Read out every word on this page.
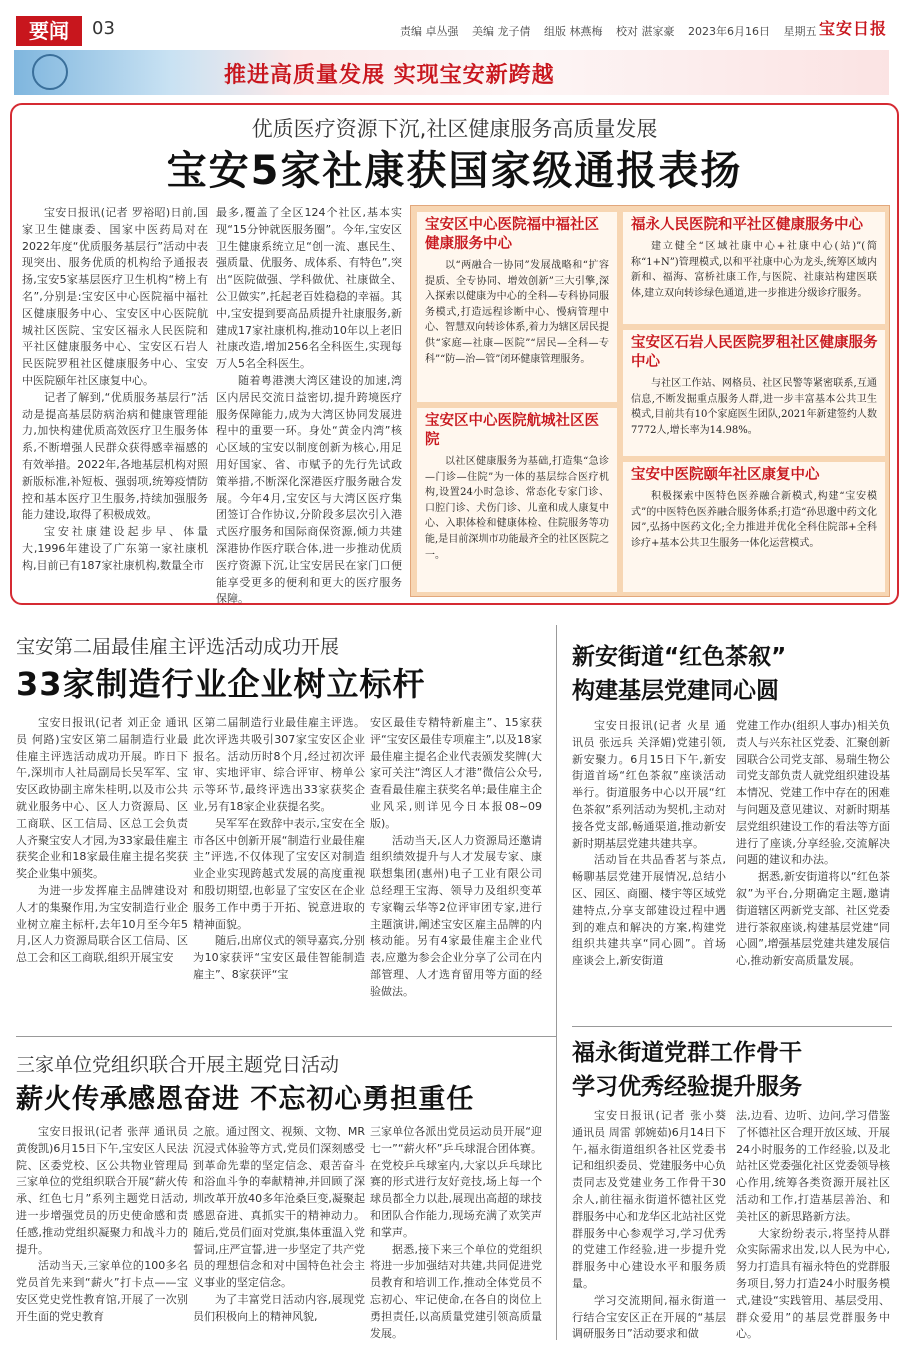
要闻	03	责编 卓丛强 美编 龙子倩 组版 林燕梅 校对 湛家豪 2023年6月16日 星期五 宝安日报
推进高质量发展 实现宝安新跨越
优质医疗资源下沉,社区健康服务高质量发展
宝安5家社康获国家级通报表扬

宝安日报讯(记者 罗裕昭)日前,国家卫生健康委、国家中医药局对在2022年度“优质服务基层行”活动中表现突出、服务优质的机构给予通报表扬,宝安5家基层医疗卫生机构“榜上有名”,分别是:宝安区中心医院福中福社区健康服务中心、宝安区中心医院航城社区医院、宝安区福永人民医院和平社区健康服务中心、宝安区石岩人民医院罗租社区健康服务中心、宝安中医院颐年社区康复中心。

记者了解到,“优质服务基层行”活动是提高基层防病治病和健康管理能力,加快构建优质高效医疗卫生服务体系,不断增强人民群众获得感幸福感的有效举措。2022年,各地基层机构对照新版标准,补短板、强弱项,统筹疫情防控和基本医疗卫生服务,持续加强服务能力建设,取得了积极成效。

宝安社康建设起步早、体量大,1996年建设了广东第一家社康机构,目前已有187家社康机构,数量全市

最多,覆盖了全区124个社区,基本实现“15分钟就医服务圈”。今年,宝安区卫生健康系统立足“创一流、惠民生、强质量、优服务、成体系、有特色”,突出“医院做强、学科做优、社康做全、公卫做实”,托起老百姓稳稳的幸福。其中,宝安提到要高品质提升社康服务,新建成17家社康机构,推动10年以上老旧社康改造,增加256名全科医生,实现每万人5名全科医生。

随着粤港澳大湾区建设的加速,湾区内居民交流日益密切,提升跨境医疗服务保障能力,成为大湾区协同发展进程中的重要一环。身处“黄金内湾”核心区域的宝安以制度创新为核心,用足用好国家、省、市赋予的先行先试政策举措,不断深化深港医疗服务融合发展。今年4月,宝安区与大湾区医疗集团签订合作协议,分阶段多层次引入港式医疗服务和国际商保资源,倾力共建深港协作医疗联合体,进一步推动优质医疗资源下沉,让宝安居民在家门口便能享受更多的便利和更大的医疗服务保障。

宝安区中心医院福中福社区健康服务中心

以“两融合一协同”发展战略和“扩容提质、全专协同、增效创新”三大引擎,深入探索以健康为中心的全科—专科协同服务模式,打造远程诊断中心、慢病管理中心、智慧双向转诊体系,着力为辖区居民提供“家庭—社康—医院”“居民—全科—专科”“防—治—管”闭环健康管理服务。

宝安区中心医院航城社区医院

以社区健康服务为基础,打造集“急诊—门诊—住院”为一体的基层综合医疗机构,设置24小时急诊、常态化专家门诊、口腔门诊、犬伤门诊、儿童和成人康复中心、入职体检和健康体检、住院服务等功能,是目前深圳市功能最齐全的社区医院之一。

福永人民医院和平社区健康服务中心

建立健全“区域社康中心+社康中心(站)”(简称“1+N”)管理模式,以和平社康中心为龙头,统筹区域内新和、福海、富桥社康工作,与医院、社康站构建医联体,建立双向转诊绿色通道,进一步推进分级诊疗服务。

宝安区石岩人民医院罗租社区健康服务中心

与社区工作站、网格员、社区民警等紧密联系,互通信息,不断发掘重点服务人群,进一步丰富基本公共卫生模式,目前共有10个家庭医生团队,2021年新建签约人数7772人,增长率为14.98%。

宝安中医院颐年社区康复中心

积极探索中医特色医养融合新模式,构建“宝安模式”的中医特色医养融合服务体系;打造“孙思邈中药文化园”,弘扬中医药文化;全力推进并优化全科住院部+全科诊疗+基本公共卫生服务一体化运营模式。

宝安第二届最佳雇主评选活动成功开展
33家制造行业企业树立标杆

宝安日报讯(记者 刘正金 通讯员 何路)宝安区第二届制造行业最佳雇主评选活动成功开展。昨日下午,深圳市人社局副局长吴军军、宝安区政协副主席朱桂明,以及市公共就业服务中心、区人力资源局、区工商联、区工信局、区总工会负责人齐聚宝安人才园,为33家最佳雇主获奖企业和18家最佳雇主提名奖获奖企业集中颁奖。

为进一步发挥雇主品牌建设对人才的集聚作用,为宝安制造行业企业树立雇主标杆,去年10月至今年5月,区人力资源局联合区工信局、区总工会和区工商联,组织开展宝安

区第二届制造行业最佳雇主评选。此次评选共吸引307家宝安区企业报名。活动历时8个月,经过初次评审、实地评审、综合评审、榜单公示等环节,最终评选出33家获奖企业,另有18家企业获提名奖。

吴军军在致辞中表示,宝安在全市各区中创新开展“制造行业最佳雇主”评选,不仅体现了宝安区对制造业企业实现跨越式发展的高度重视和殷切期望,也彰显了宝安区在企业服务工作中勇于开拓、锐意进取的精神面貌。

随后,出席仪式的领导嘉宾,分别为10家获评“宝安区最佳智能制造雇主”、8家获评“宝

安区最佳专精特新雇主”、15家获评“宝安区最佳专项雇主”,以及18家最佳雇主提名企业代表颁发奖牌(大家可关注“湾区人才港”微信公众号,查看最佳雇主获奖名单;最佳雇主企业风采,则详见今日本报08~09版)。

活动当天,区人力资源局还邀请组织绩效提升与人才发展专家、康联想集团(惠州)电子工业有限公司总经理王宝海、领导力及组织变革专家鞠云华等2位评审团专家,进行主题演讲,阐述宝安区雇主品牌的内核动能。另有4家最佳雇主企业代表,应邀为参会企业分享了公司在内部管理、人才选育留用等方面的经验做法。

新安街道“红色茶叙”
构建基层党建同心圆

宝安日报讯(记者 火星 通讯员 张远兵 关泽媚)党建引领,新安聚力。6月15日下午,新安街道首场“红色茶叙”座谈活动举行。街道服务中心以开展“红色茶叙”系列活动为契机,主动对接各党支部,畅通渠道,推动新安新时期基层党建共建共享。

活动旨在共品香茗与茶点,畅聊基层党建开展情况,总结小区、园区、商圈、楼宇等区域党建特点,分享支部建设过程中遇到的难点和解决的方案,构建党组织共建共享“同心圆”。首场座谈会上,新安街道

党建工作办(组织人事办)相关负责人与兴东社区党委、汇聚创新园联合公司党支部、易瑞生物公司党支部负责人就党组织建设基本情况、党建工作中存在的困难与问题及意见建议、对新时期基层党组织建设工作的看法等方面进行了座谈,分享经验,交流解决问题的建议和办法。

据悉,新安街道将以“红色茶叙”为平台,分期确定主题,邀请街道辖区两新党支部、社区党委进行茶叙座谈,构建基层党建“同心圆”,增强基层党建共建发展信心,推动新安高质量发展。

三家单位党组织联合开展主题党日活动
薪火传承感恩奋进 不忘初心勇担重任

宝安日报讯(记者 张萍 通讯员 黄俊凯)6月15日下午,宝安区人民法院、区委党校、区公共物业管理局三家单位的党组织联合开展“薪火传承、红色七月”系列主题党日活动,进一步增强党员的历史使命感和责任感,推动党组织凝聚力和战斗力的提升。

活动当天,三家单位的100多名党员首先来到“薪火”打卡点——宝安区党史党性教育馆,开展了一次别开生面的党史教育

之旅。通过图文、视频、文物、MR沉浸式体验等方式,党员们深刻感受到革命先辈的坚定信念、艰苦奋斗和浴血斗争的奉献精神,并回顾了深圳改革开放40多年沧桑巨变,凝聚起感恩奋进、真抓实干的精神动力。随后,党员们面对党旗,集体重温入党誓词,庄严宣誓,进一步坚定了共产党员的理想信念和对中国特色社会主义事业的坚定信念。

为了丰富党日活动内容,展现党员们积极向上的精神风貌,

三家单位各派出党员运动员开展“迎七一”“薪火杯”乒乓球混合团体赛。在党校乒乓球室内,大家以乒乓球比赛的形式进行友好竞技,场上每一个球员都全力以赴,展现出高超的球技和团队合作能力,现场充满了欢笑声和掌声。

据悉,接下来三个单位的党组织将进一步加强结对共建,共同促进党员教育和培训工作,推动全体党员不忘初心、牢记使命,在各自的岗位上勇担责任,以高质量党建引领高质量发展。

福永街道党群工作骨干
学习优秀经验提升服务

宝安日报讯(记者 张小葵 通讯员 周雷 郭婉茹)6月14日下午,福永街道组织各社区党委书记和组织委员、党建服务中心负责同志及党建业务工作骨干30余人,前往福永街道怀德社区党群服务中心和龙华区北站社区党群服务中心参观学习,学习优秀的党建工作经验,进一步提升党群服务中心建设水平和服务质量。

学习交流期间,福永街道一行结合宝安区正在开展的“基层调研服务日”活动要求和做

法,边看、边听、边问,学习借鉴了怀德社区合理开放区域、开展24小时服务的工作经验,以及北站社区党委强化社区党委领导核心作用,统筹各类资源开展社区活动和工作,打造基层善治、和美社区的新思路新方法。

大家纷纷表示,将坚持从群众实际需求出发,以人民为中心,努力打造具有福永特色的党群服务项目,努力打造24小时服务模式,建设“实践管用、基层受用、群众爱用”的基层党群服务中心。
